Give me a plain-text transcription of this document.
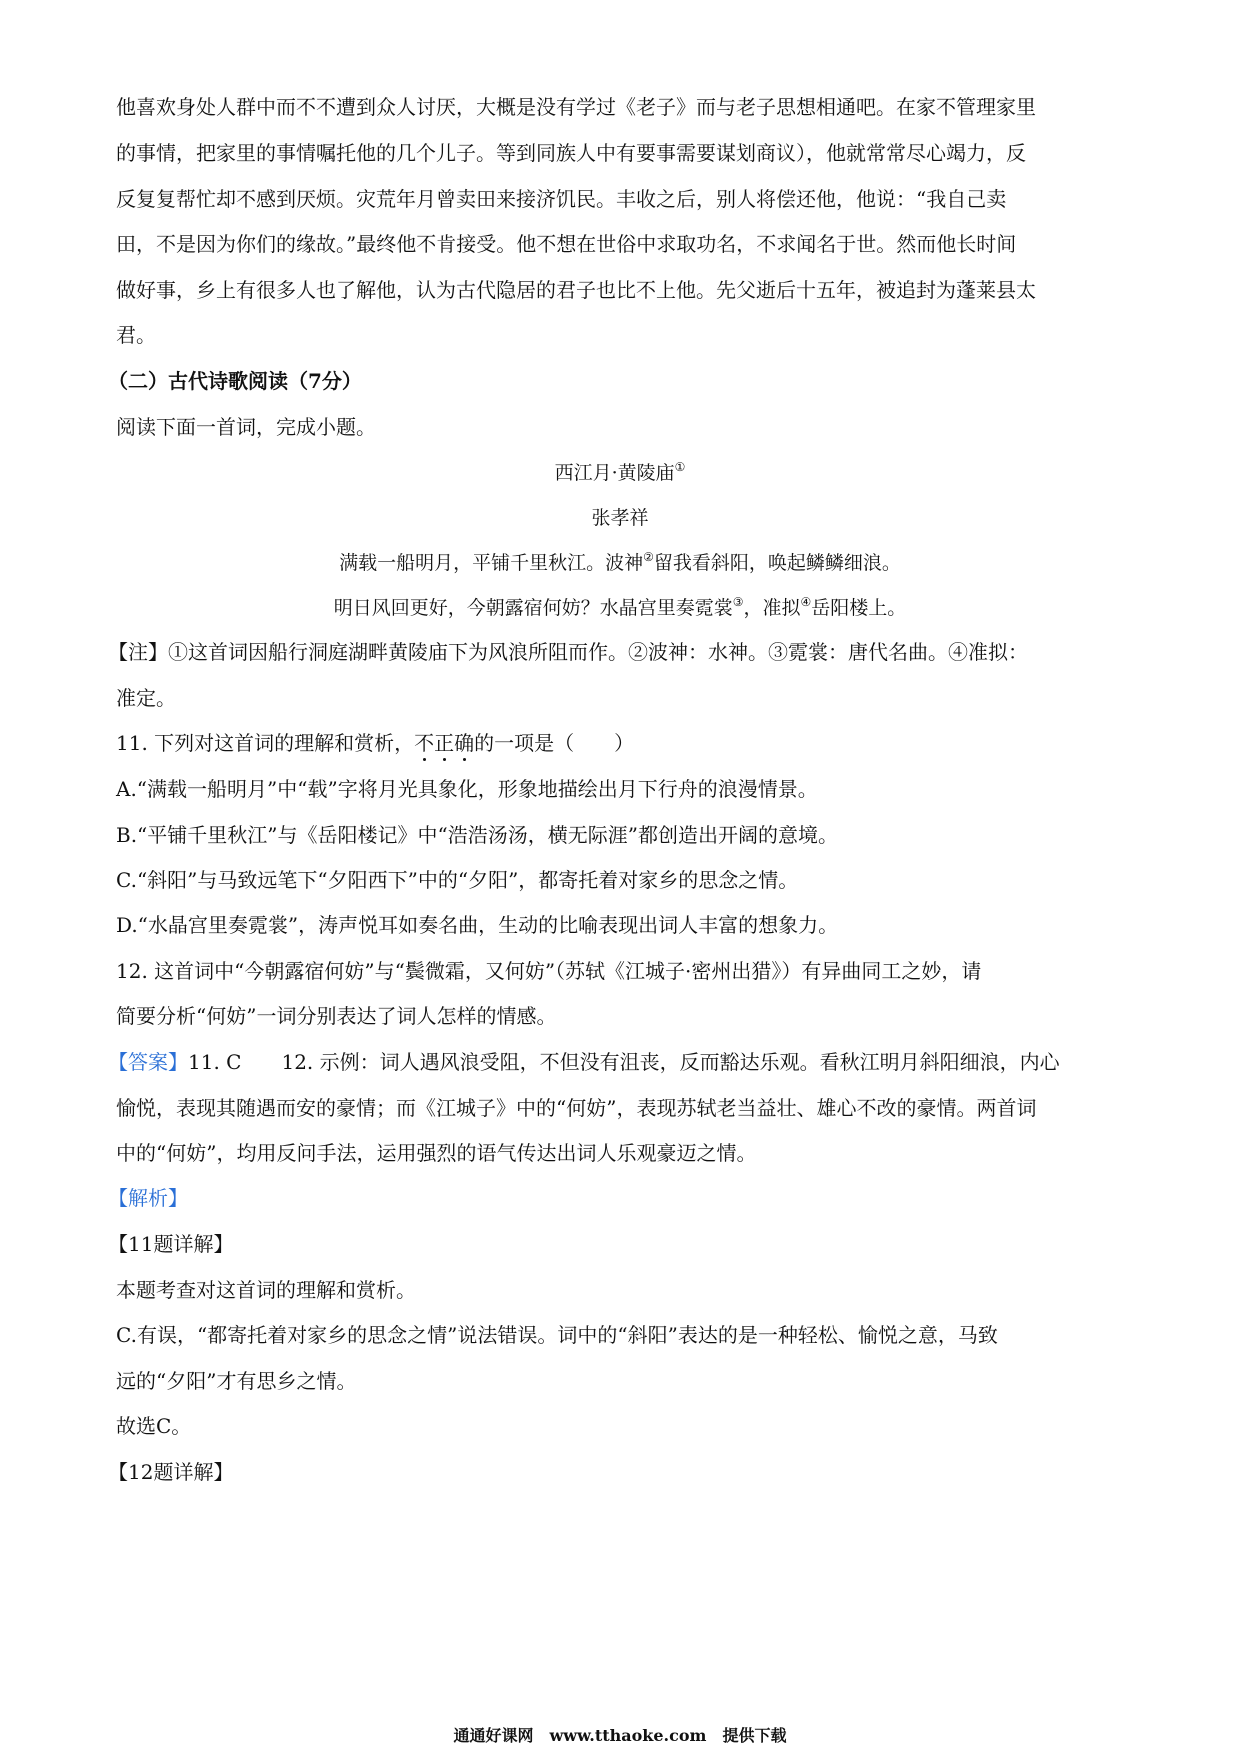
他喜欢身处人群中而不不遭到众人讨厌，大概是没有学过《老子》而与老子思想相通吧。在家不管理家里
的事情，把家里的事情嘱托他的几个儿子。等到同族人中有要事需要谋划商议），他就常常尽心竭力，反
反复复帮忙却不感到厌烦。灾荒年月曾卖田来接济饥民。丰收之后，别人将偿还他，他说：“我自己卖
田，不是因为你们的缘故。”最终他不肯接受。他不想在世俗中求取功名，不求闻名于世。然而他长时间
做好事，乡上有很多人也了解他，认为古代隐居的君子也比不上他。先父逝后十五年，被追封为蓬莱县太
君。
（二）古代诗歌阅读（7分）
阅读下面一首词，完成小题。
西江月·黄陵庙①
张孝祥
满载一船明月，平铺千里秋江。波神②留我看斜阳，唤起鳞鳞细浪。
明日风回更好，今朝露宿何妨？水晶宫里奏霓裳③，准拟④岳阳楼上。
【注】①这首词因船行洞庭湖畔黄陵庙下为风浪所阻而作。②波神：水神。③霓裳：唐代名曲。④准拟：
准定。
11. 下列对这首词的理解和赏析，不正确的一项是（　　）
A.“满载一船明月”中“载”字将月光具象化，形象地描绘出月下行舟的浪漫情景。
B.“平铺千里秋江”与《岳阳楼记》中“浩浩汤汤，横无际涯”都创造出开阔的意境。
C.“斜阳”与马致远笔下“夕阳西下”中的“夕阳”，都寄托着对家乡的思念之情。
D.“水晶宫里奏霓裳”，涛声悦耳如奏名曲，生动的比喻表现出词人丰富的想象力。
12. 这首词中“今朝露宿何妨”与“鬓微霜，又何妨”（苏轼《江城子·密州出猎》）有异曲同工之妙，请
简要分析“何妨”一词分别表达了词人怎样的情感。
【答案】11. C　　12. 示例：词人遇风浪受阻，不但没有沮丧，反而豁达乐观。看秋江明月斜阳细浪，内心
愉悦，表现其随遇而安的豪情；而《江城子》中的“何妨”，表现苏轼老当益壮、雄心不改的豪情。两首词
中的“何妨”，均用反问手法，运用强烈的语气传达出词人乐观豪迈之情。
【解析】
【11题详解】
本题考查对这首词的理解和赏析。
C.有误，“都寄托着对家乡的思念之情”说法错误。词中的“斜阳”表达的是一种轻松、愉悦之意，马致
远的“夕阳”才有思乡之情。
故选C。
【12题详解】
通通好课网　www.tthaoke.com　提供下载
